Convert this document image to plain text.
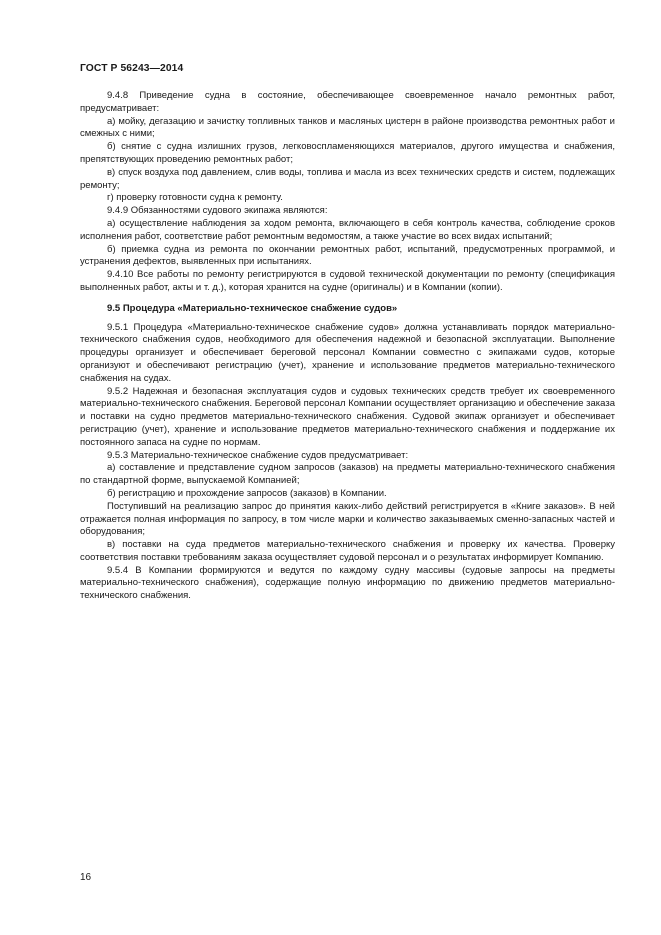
ГОСТ Р 56243—2014

9.4.8 Приведение судна в состояние, обеспечивающее своевременное начало ремонтных работ, предусматривает:

а) мойку, дегазацию и зачистку топливных танков и масляных цистерн в районе производства ремонтных работ и смежных с ними;

б) снятие с судна излишних грузов, легковоспламеняющихся материалов, другого имущества и снабжения, препятствующих проведению ремонтных работ;

в) спуск воздуха под давлением, слив воды, топлива и масла из всех технических средств и систем, подлежащих ремонту;

г) проверку готовности судна к ремонту.

9.4.9 Обязанностями судового экипажа являются:

а) осуществление наблюдения за ходом ремонта, включающего в себя контроль качества, соблюдение сроков исполнения работ, соответствие работ ремонтным ведомостям, а также участие во всех видах испытаний;

б) приемка судна из ремонта по окончании ремонтных работ, испытаний, предусмотренных программой, и устранения дефектов, выявленных при испытаниях.

9.4.10 Все работы по ремонту регистрируются в судовой технической документации по ремонту (спецификация выполненных работ, акты и т. д.), которая хранится на судне (оригиналы) и в Компании (копии).

9.5 Процедура «Материально-техническое снабжение судов»

9.5.1 Процедура «Материально-техническое снабжение судов» должна устанавливать порядок материально-технического снабжения судов, необходимого для обеспечения надежной и безопасной эксплуатации. Выполнение процедуры организует и обеспечивает береговой персонал Компании совместно с экипажами судов, которые организуют и обеспечивают регистрацию (учет), хранение и использование предметов материально-технического снабжения на судах.

9.5.2 Надежная и безопасная эксплуатация судов и судовых технических средств требует их своевременного материально-технического снабжения. Береговой персонал Компании осуществляет организацию и обеспечение заказа и поставки на судно предметов материально-технического снабжения. Судовой экипаж организует и обеспечивает регистрацию (учет), хранение и использование предметов материально-технического снабжения и поддержание их постоянного запаса на судне по нормам.

9.5.3 Материально-техническое снабжение судов предусматривает:

а) составление и представление судном запросов (заказов) на предметы материально-технического снабжения по стандартной форме, выпускаемой Компанией;

б) регистрацию и прохождение запросов (заказов) в Компании.

Поступивший на реализацию запрос до принятия каких-либо действий регистрируется в «Книге заказов». В ней отражается полная информация по запросу, в том числе марки и количество заказываемых сменно-запасных частей и оборудования;

в) поставки на суда предметов материально-технического снабжения и проверку их качества. Проверку соответствия поставки требованиям заказа осуществляет судовой персонал и о результатах информирует Компанию.

9.5.4 В Компании формируются и ведутся по каждому судну массивы (судовые запросы на предметы материально-технического снабжения), содержащие полную информацию по движению предметов материально-технического снабжения.

16
